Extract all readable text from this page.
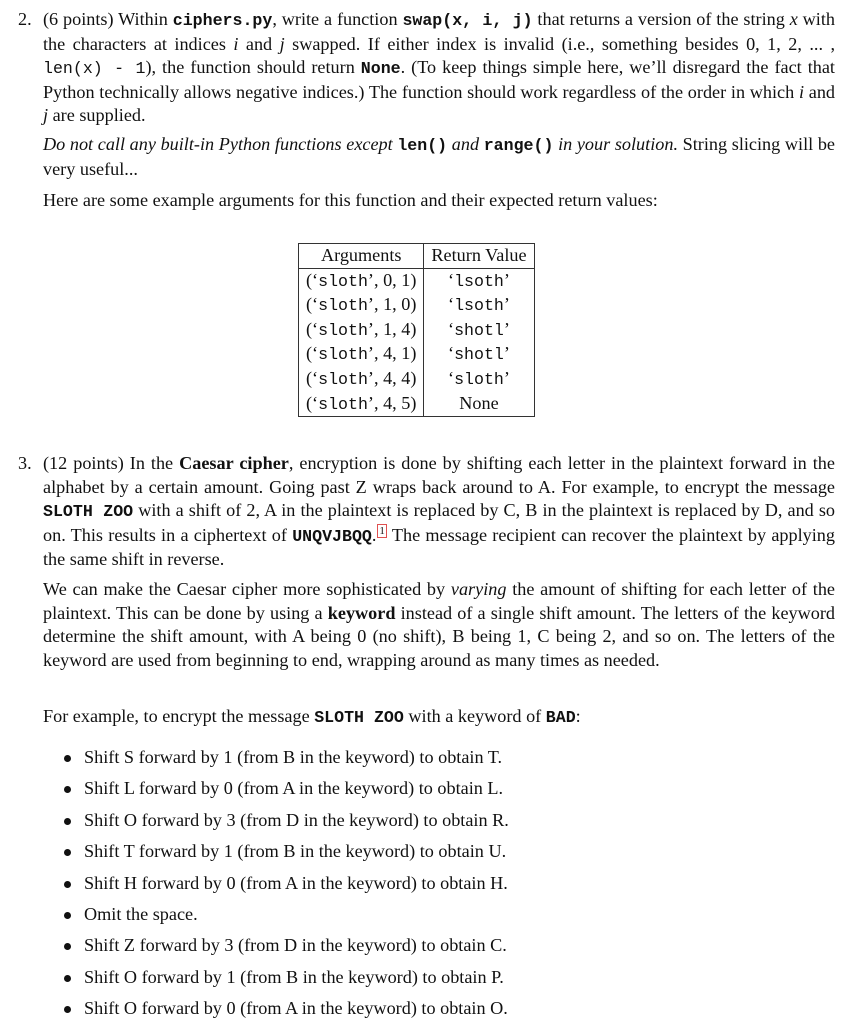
2. (6 points) Within ciphers.py, write a function swap(x, i, j) that returns a version of the string x with the characters at indices i and j swapped. If either index is invalid (i.e., something besides 0, 1, 2, ... , len(x) - 1), the function should return None. (To keep things simple here, we’ll disregard the fact that Python technically allows negative indices.) The function should work regardless of the order in which i and j are supplied.
Do not call any built-in Python functions except len() and range() in your solution. String slicing will be very useful...
Here are some example arguments for this function and their expected return values:
Arguments	Return Value
(‘sloth’, 0, 1)	‘lsoth’
(‘sloth’, 1, 0)	‘lsoth’
(‘sloth’, 1, 4)	‘shotl’
(‘sloth’, 4, 1)	‘shotl’
(‘sloth’, 4, 4)	‘sloth’
(‘sloth’, 4, 5)	None
3. (12 points) In the Caesar cipher, encryption is done by shifting each letter in the plaintext forward in the alphabet by a certain amount. Going past Z wraps back around to A. For example, to encrypt the message SLOTH ZOO with a shift of 2, A in the plaintext is replaced by C, B in the plaintext is replaced by D, and so on. This results in a ciphertext of UNQVJBQQ. 1 The message recipient can recover the plaintext by applying the same shift in reverse.
We can make the Caesar cipher more sophisticated by varying the amount of shifting for each letter of the plaintext. This can be done by using a keyword instead of a single shift amount. The letters of the keyword determine the shift amount, with A being 0 (no shift), B being 1, C being 2, and so on. The letters of the keyword are used from beginning to end, wrapping around as many times as needed.
For example, to encrypt the message SLOTH ZOO with a keyword of BAD:
Shift S forward by 1 (from B in the keyword) to obtain T.
Shift L forward by 0 (from A in the keyword) to obtain L.
Shift O forward by 3 (from D in the keyword) to obtain R.
Shift T forward by 1 (from B in the keyword) to obtain U.
Shift H forward by 0 (from A in the keyword) to obtain H.
Omit the space.
Shift Z forward by 3 (from D in the keyword) to obtain C.
Shift O forward by 1 (from B in the keyword) to obtain P.
Shift O forward by 0 (from A in the keyword) to obtain O.
